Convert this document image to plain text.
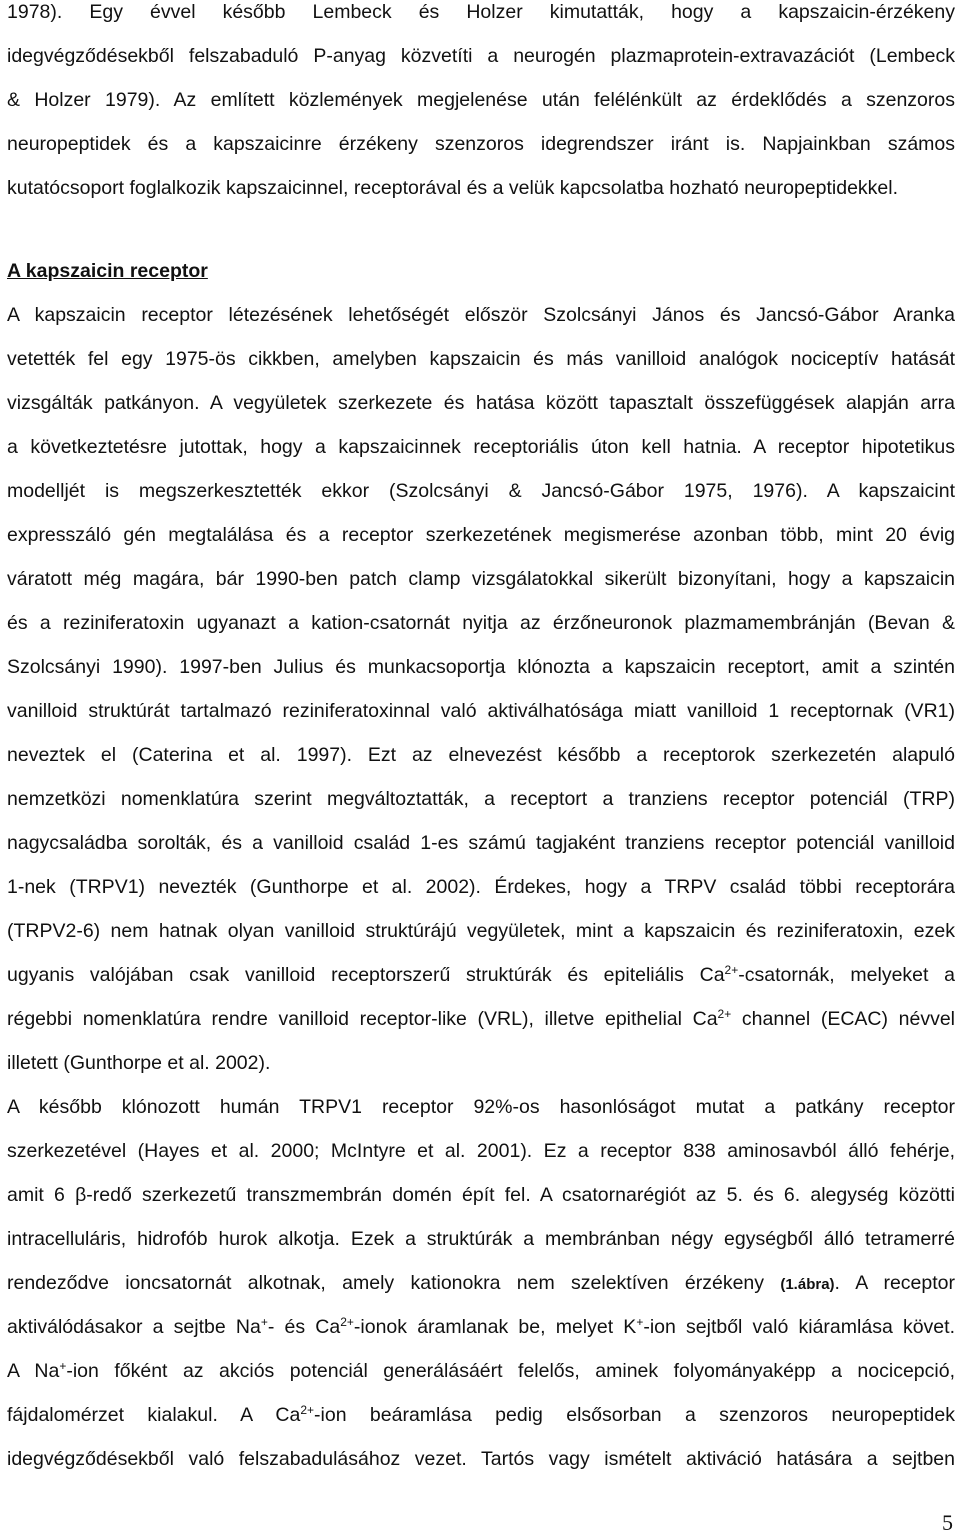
1978). Egy évvel később Lembeck és Holzer kimutatták, hogy a kapszaicin-érzékeny
idegvégződésekből felszabaduló P-anyag közvetíti a neurogén plazmaprotein-extravazációt (Lembeck
& Holzer 1979). Az említett közlemények megjelenése után felélénkült az érdeklődés a szenzoros
neuropeptidek és a kapszaicinre érzékeny szenzoros idegrendszer iránt is. Napjainkban számos
kutatócsoport foglalkozik kapszaicinnel, receptorával és a velük kapcsolatba hozható neuropeptidekkel.
A kapszaicin receptor
A kapszaicin receptor létezésének lehetőségét először Szolcsányi János és Jancsó-Gábor Aranka
vetették fel egy 1975-ös cikkben, amelyben kapszaicin és más vanilloid analógok nociceptív hatását
vizsgálták patkányon. A vegyületek szerkezete és hatása között tapasztalt összefüggések alapján arra
a következtetésre jutottak, hogy a kapszaicinnek receptoriális úton kell hatnia. A receptor hipotetikus
modelljét is megszerkesztették ekkor (Szolcsányi & Jancsó-Gábor 1975, 1976). A kapszaicint
expresszáló gén megtalálása és a receptor szerkezetének megismerése azonban több, mint 20 évig
váratott még magára, bár 1990-ben patch clamp vizsgálatokkal sikerült bizonyítani, hogy a kapszaicin
és a reziniferatoxin ugyanazt a kation-csatornát nyitja az érzőneuronok plazmamembránján (Bevan &
Szolcsányi 1990). 1997-ben Julius és munkacsoportja klónozta a kapszaicin receptort, amit a szintén
vanilloid struktúrát tartalmazó reziniferatoxinnal való aktiválhatósága miatt vanilloid 1 receptornak (VR1)
neveztek el (Caterina et al. 1997). Ezt az elnevezést később a receptorok szerkezetén alapuló
nemzetközi nomenklatúra szerint megváltoztatták, a receptort a tranziens receptor potenciál (TRP)
nagycsaládba sorolták, és a vanilloid család 1-es számú tagjaként tranziens receptor potenciál vanilloid
1-nek (TRPV1) nevezték (Gunthorpe et al. 2002). Érdekes, hogy a TRPV család többi receptorára
(TRPV2-6) nem hatnak olyan vanilloid struktúrájú vegyületek, mint a kapszaicin és reziniferatoxin, ezek
ugyanis valójában csak vanilloid receptorszerű struktúrák és epiteliális $Ca^{2+}$-csatornák, melyeket a
régebbi nomenklatúra rendre vanilloid receptor-like (VRL), illetve epithelial $Ca^{2+}$ channel (ECAC) névvel
illetett (Gunthorpe et al. 2002).
A később klónozott humán TRPV1 receptor 92%-os hasonlóságot mutat a patkány receptor
szerkezetével (Hayes et al. 2000; McIntyre et al. 2001). Ez a receptor 838 aminosavból álló fehérje,
amit 6 β-redő szerkezetű transzmembrán domén épít fel. A csatornarégiót az 5. és 6. alegység közötti
intracelluláris, hidrofób hurok alkotja. Ezek a struktúrák a membránban négy egységből álló tetramerré
rendeződve ioncsatornát alkotnak, amely kationokra nem szelektíven érzékeny (1.ábra). A receptor
aktiválódásakor a sejtbe Na+- és $Ca^{2+}$-ionok áramlanak be, melyet K+-ion sejtből való kiáramlása követ.
A Na+-ion főként az akciós potenciál generálásáért felelős, aminek folyományaképp a nocicepció,
fájdalomérzet kialakul. A $Ca^{2+}$-ion beáramlása pedig elsősorban a szenzoros neuropeptidek
idegvégződésekből való felszabadulásához vezet. Tartós vagy ismételt aktiváció hatására a sejtben
5
